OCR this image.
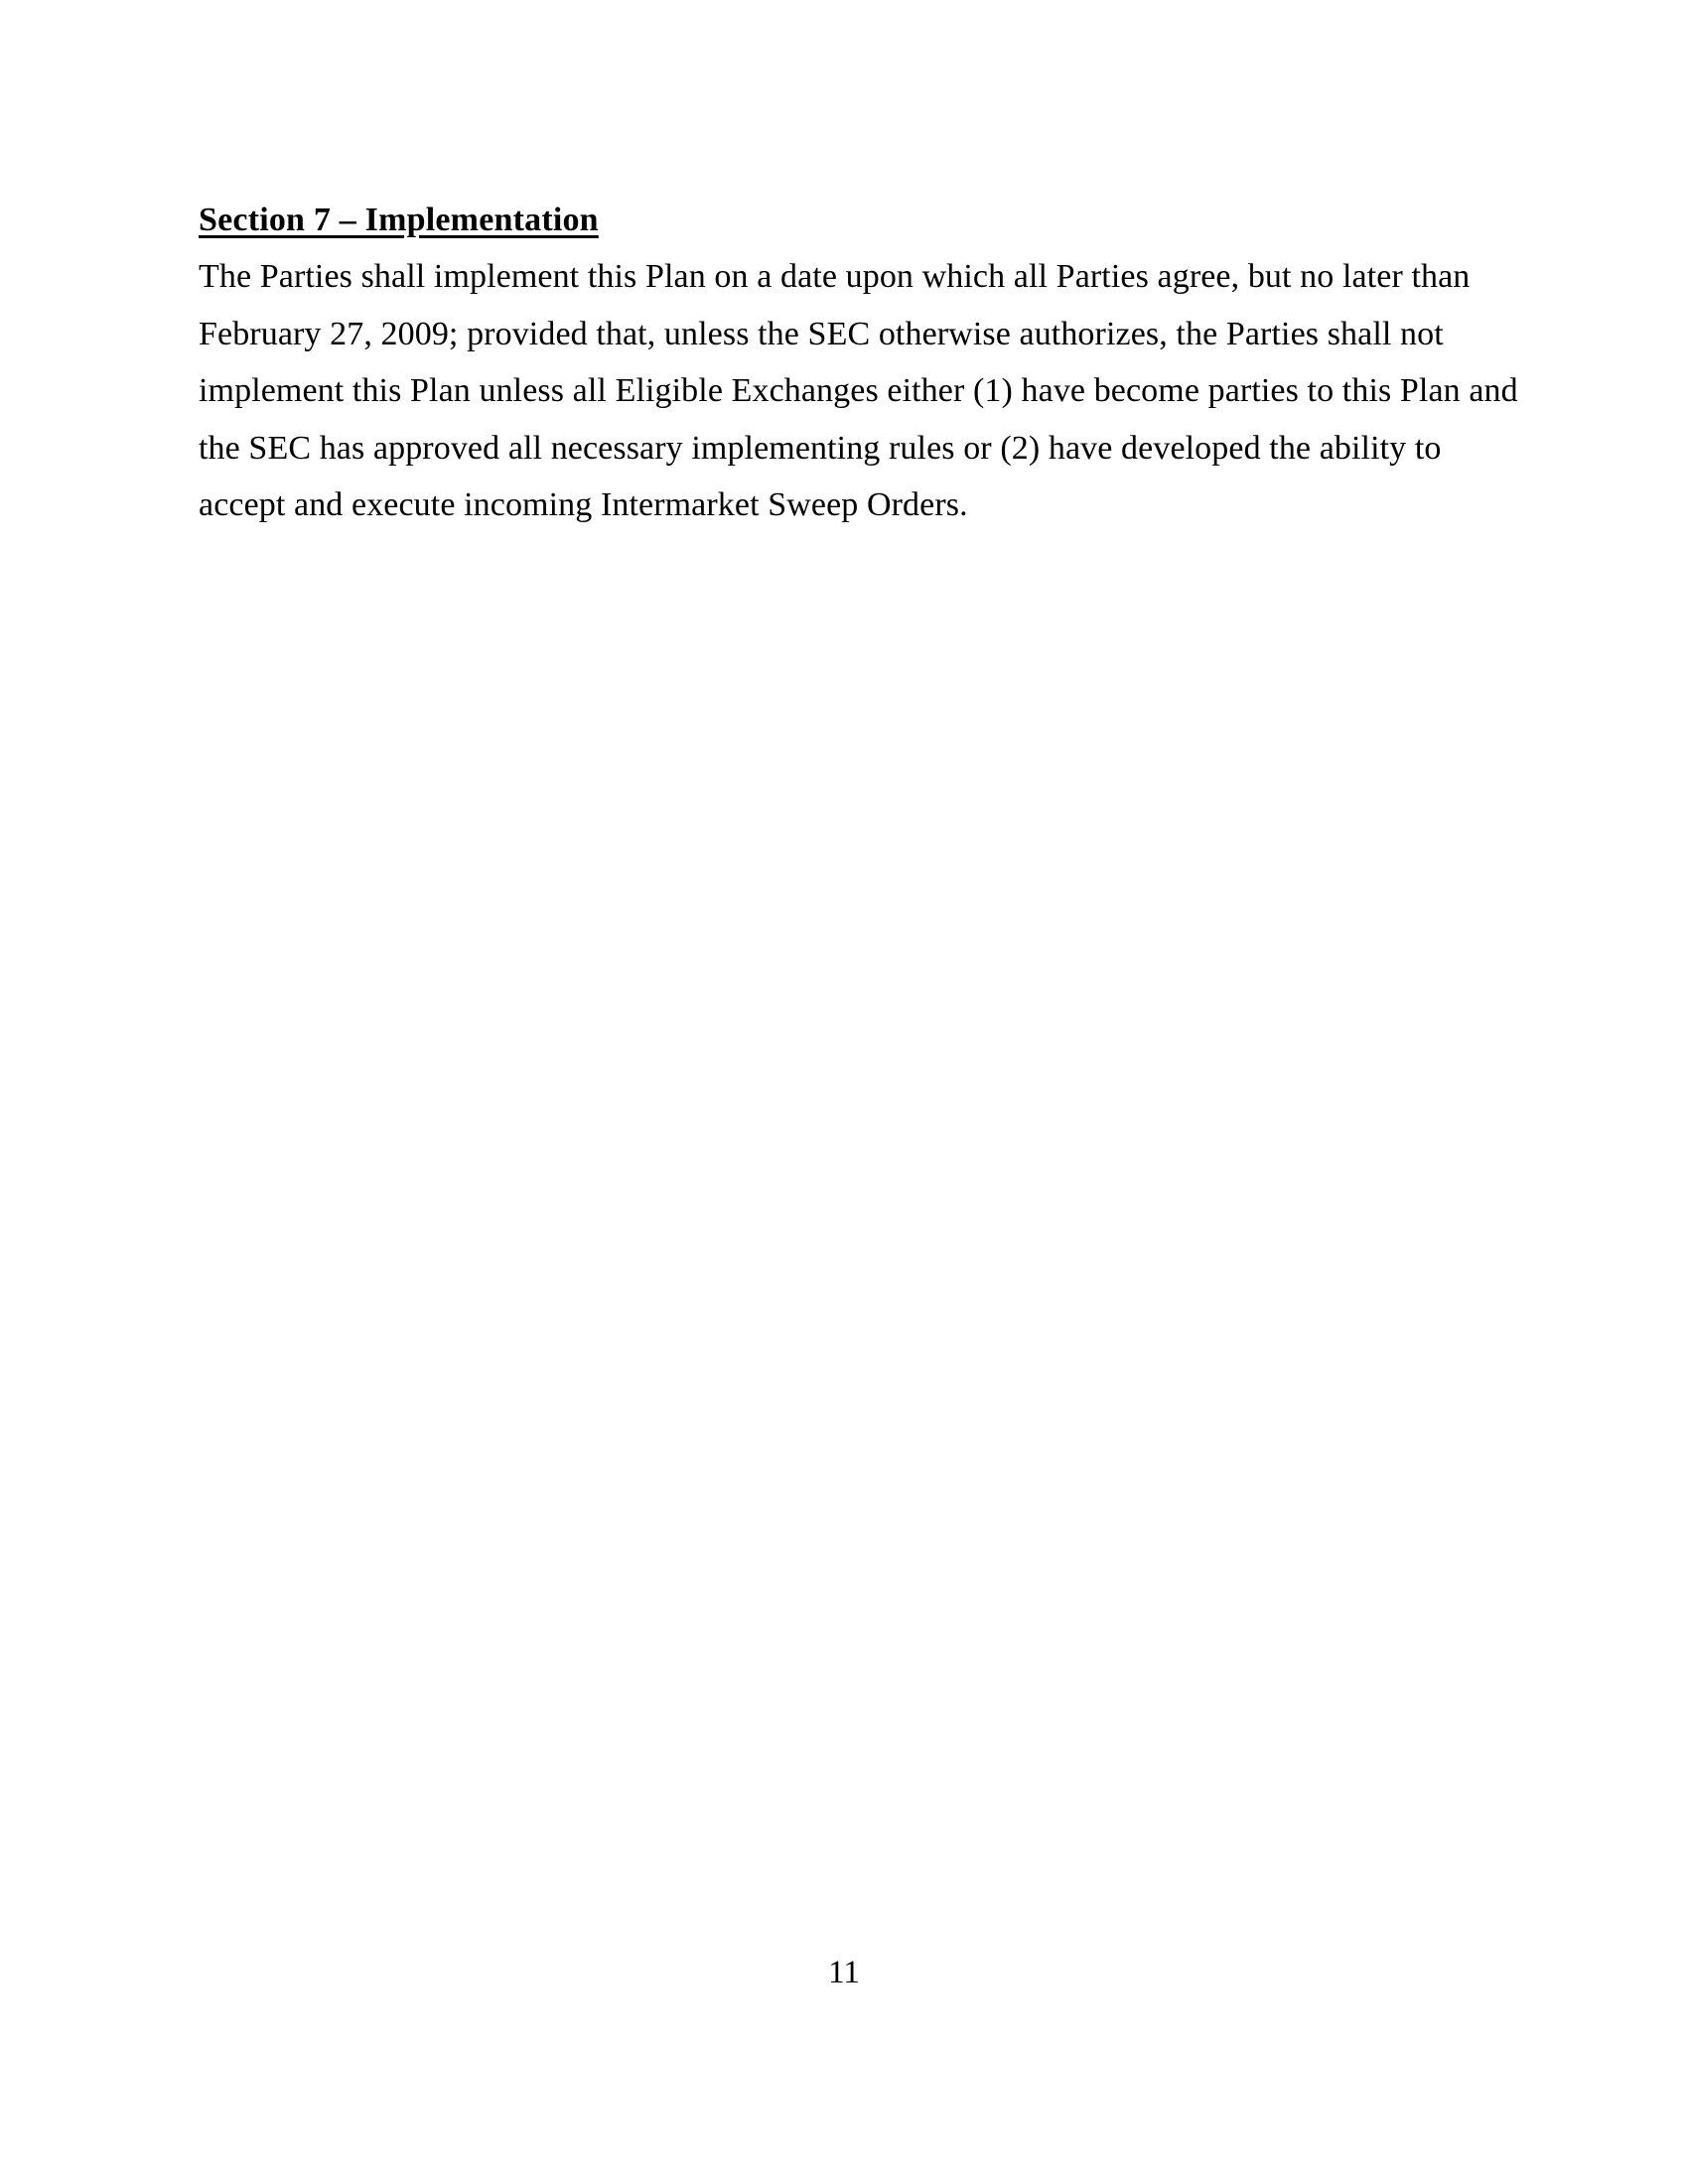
Section 7 – Implementation
The Parties shall implement this Plan on a date upon which all Parties agree, but no later than
February 27, 2009; provided that, unless the SEC otherwise authorizes, the Parties shall not
implement this Plan unless all Eligible Exchanges either (1) have become parties to this Plan and
the SEC has approved all necessary implementing rules or (2) have developed the ability to
accept and execute incoming Intermarket Sweep Orders.
11
